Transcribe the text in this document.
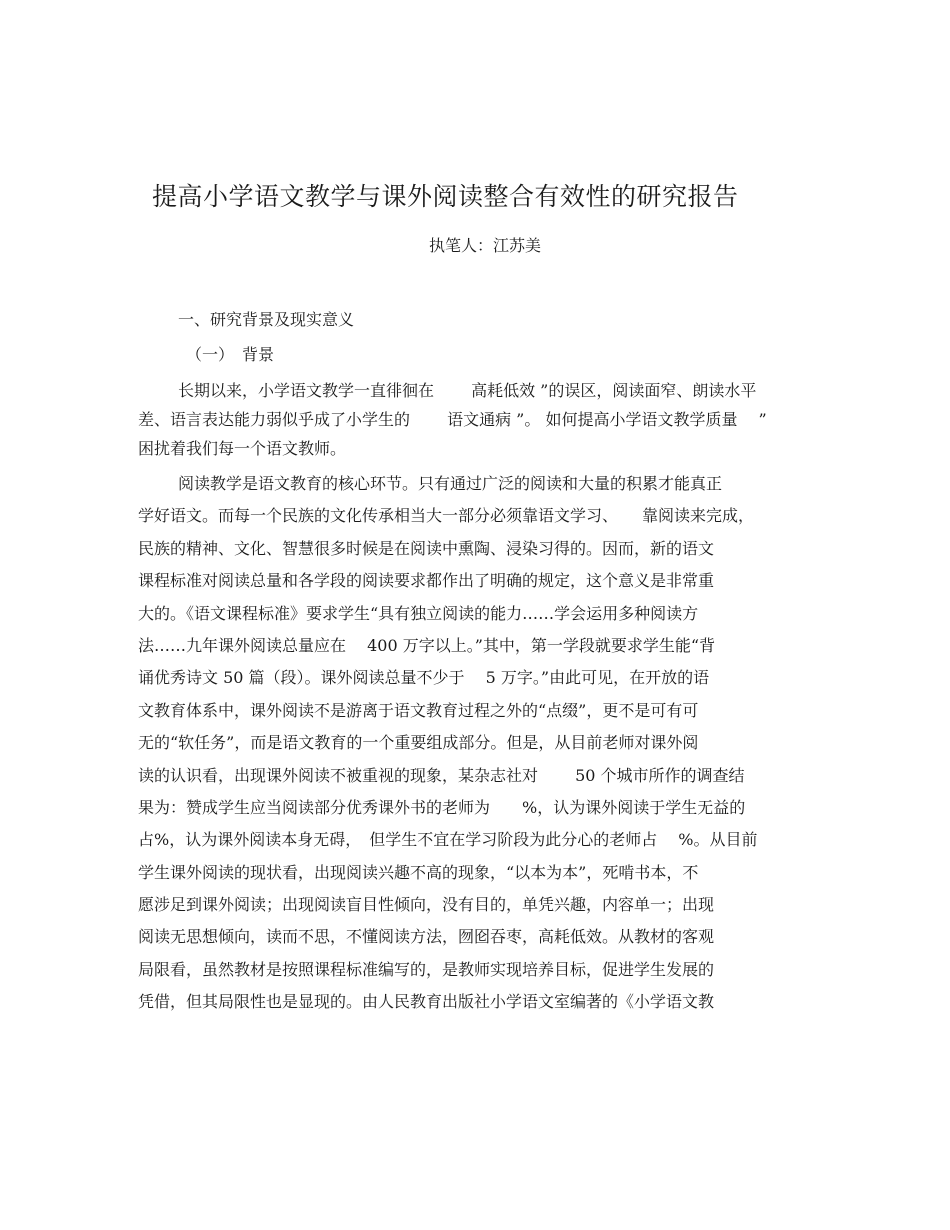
提高小学语文教学与课外阅读整合有效性的研究报告
执笔人：江苏美
一、研究背景及现实意义
（一）　背景
长期以来，小学语文教学一直徘徊在　　 高耗低效 ”的误区，阅读面窄、朗读水平
差、语言表达能力弱似乎成了小学生的　　 语文通病 ”。 如何提高小学语文教学质量　 ”
困扰着我们每一个语文教师。
阅读教学是语文教育的核心环节。只有通过广泛的阅读和大量的积累才能真正
学好语文。而每一个民族的文化传承相当大一部分必须靠语文学习、　　靠阅读来完成，
民族的精神、文化、智慧很多时候是在阅读中熏陶、浸染习得的。因而，新的语文
课程标准对阅读总量和各学段的阅读要求都作出了明确的规定，这个意义是非常重
大的。《语文课程标准》要求学生“具有独立阅读的能力……学会运用多种阅读方
法……九年课外阅读总量应在　 400 万字以上。”其中，第一学段就要求学生能“背
诵优秀诗文 50 篇（段）。课外阅读总量不少于　 5 万字。”由此可见，在开放的语
文教育体系中，课外阅读不是游离于语文教育过程之外的“点缀”，更不是可有可
无的“软任务”，而是语文教育的一个重要组成部分。但是，从目前老师对课外阅
读的认识看，出现课外阅读不被重视的现象，某杂志社对　　 50 个城市所作的调查结
果为：赞成学生应当阅读部分优秀课外书的老师为　　%，认为课外阅读于学生无益的
占%，认为课外阅读本身无碍，　但学生不宜在学习阶段为此分心的老师占　 %。从目前
学生课外阅读的现状看，出现阅读兴趣不高的现象，“以本为本”，死啃书本，不
愿涉足到课外阅读；出现阅读盲目性倾向，没有目的，单凭兴趣，内容单一；出现
阅读无思想倾向，读而不思，不懂阅读方法，囫囵吞枣，高耗低效。从教材的客观
局限看，虽然教材是按照课程标准编写的，是教师实现培养目标，促进学生发展的
凭借，但其局限性也是显现的。由人民教育出版社小学语文室编著的《小学语文教
